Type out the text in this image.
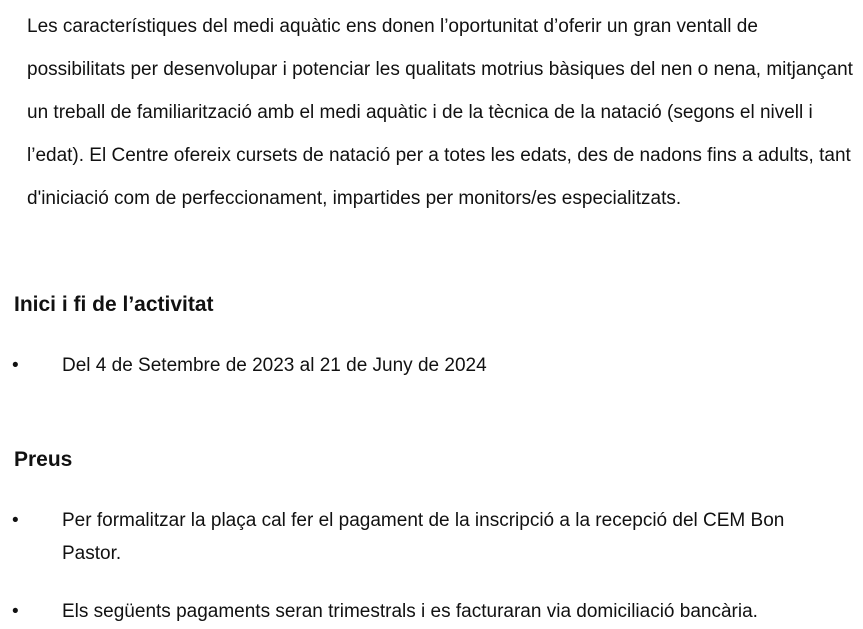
Les característiques del medi aquàtic ens donen l’oportunitat d’oferir un gran ventall de possibilitats per desenvolupar i potenciar les qualitats motrius bàsiques del nen o nena, mitjançant un treball de familiarització amb el medi aquàtic i de la tècnica de la natació (segons el nivell i l’edat). El Centre ofereix cursets de natació per a totes les edats, des de nadons fins a adults, tant d'iniciació com de perfeccionament, impartides per monitors/es especialitzats.

Inici i fi de l’activitat
• Del 4 de Setembre de 2023 al 21 de Juny de 2024
Preus
• Per formalitzar la plaça cal fer el pagament de la inscripció a la recepció del CEM Bon Pastor.
• Els següents pagaments seran trimestrals i es facturaran via domiciliació bancària.
